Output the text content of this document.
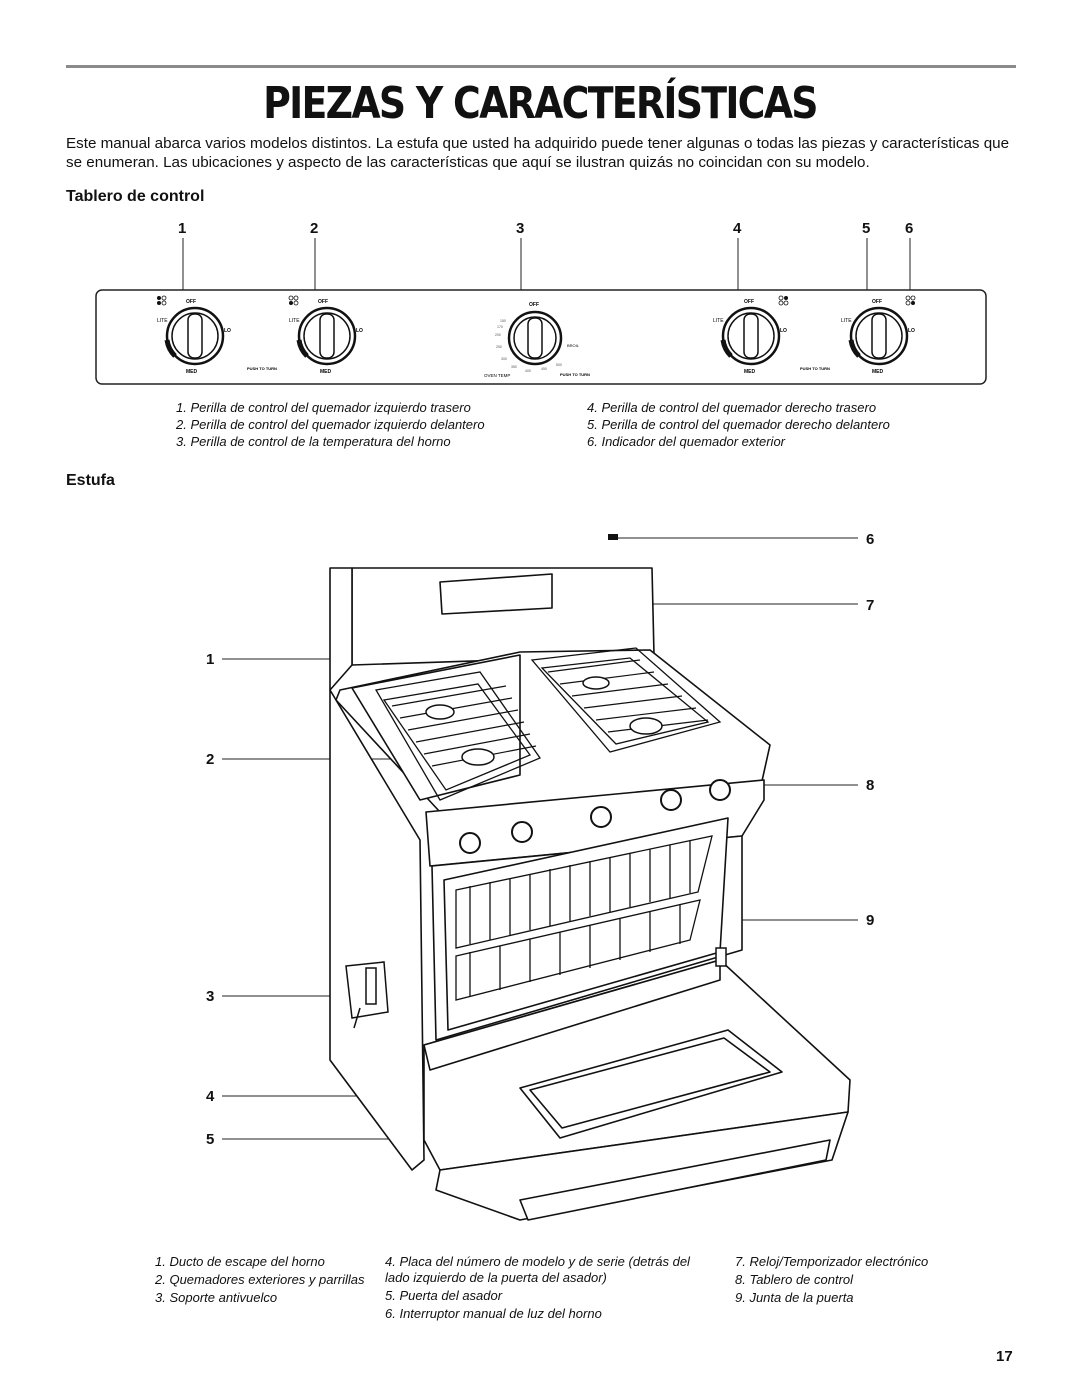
PIEZAS Y CARACTERÍSTICAS
Este manual abarca varios modelos distintos. La estufa que usted ha adquirido puede tener algunas o todas las piezas y características que se enumeran. Las ubicaciones y aspecto de las características que aquí se ilustran quizás no coincidan con su modelo.
Tablero de control
1	2	3	4	5 6
OFF
LITE
LO
MED
OFF
LITE
LO
MED
PUSH TO TURN
OFF
BROIL
OVEN TEMP	PUSH TO TURN
150
170
200
250
300
350
400	450
500
OFF
LITE
LO
MED
OFF
LITE
LO
MED
PUSH TO TURN
1. Perilla de control del quemador izquierdo trasero
2. Perilla de control del quemador izquierdo delantero
3. Perilla de control de la temperatura del horno
4. Perilla de control del quemador derecho trasero
5. Perilla de control del quemador derecho delantero
6. Indicador del quemador exterior
Estufa
1
2
3
4
5
6
7
8
9
1. Ducto de escape del horno
2. Quemadores exteriores y parrillas
3. Soporte antivuelco
4. Placa del número de modelo y de serie (detrás del lado izquierdo de la puerta del asador)
5. Puerta del asador
6. Interruptor manual de luz del horno
7. Reloj/Temporizador electrónico
8. Tablero de control
9. Junta de la puerta
17
